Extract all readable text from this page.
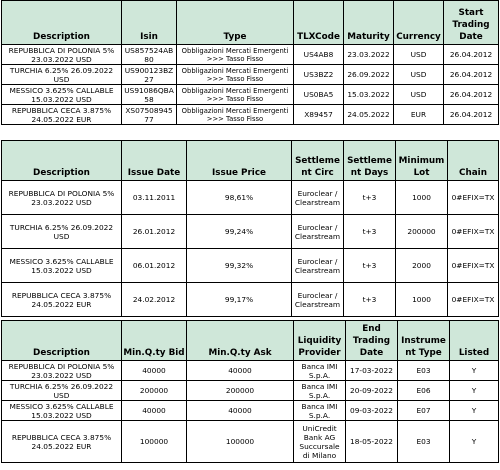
Description	Isin	Type	TLXCode	Maturity	Currency	Start Trading Date
REPUBBLICA DI POLONIA 5% 23.03.2022 USD	US857524AB80	Obbligazioni Mercati Emergenti >>> Tasso Fisso	US4AB8	23.03.2022	USD	26.04.2012
TURCHIA 6.25% 26.09.2022 USD	US900123BZ27	Obbligazioni Mercati Emergenti >>> Tasso Fisso	US3BZ2	26.09.2022	USD	26.04.2012
MESSICO 3.625% CALLABLE 15.03.2022 USD	US91086QBA58	Obbligazioni Mercati Emergenti >>> Tasso Fisso	US0BA5	15.03.2022	USD	26.04.2012
REPUBBLICA CECA 3.875% 24.05.2022 EUR	XS0750894577	Obbligazioni Mercati Emergenti >>> Tasso Fisso	X89457	24.05.2022	EUR	26.04.2012
Description	Issue Date	Issue Price	Settlement Circ	Settlement Days	Minimum Lot	Chain
REPUBBLICA DI POLONIA 5% 23.03.2022 USD	03.11.2011	98,61%	Euroclear / Clearstream	t+3	1000	0#EFIX=TX
TURCHIA 6.25% 26.09.2022 USD	26.01.2012	99,24%	Euroclear / Clearstream	t+3	200000	0#EFIX=TX
MESSICO 3.625% CALLABLE 15.03.2022 USD	06.01.2012	99,32%	Euroclear / Clearstream	t+3	2000	0#EFIX=TX
REPUBBLICA CECA 3.875% 24.05.2022 EUR	24.02.2012	99,17%	Euroclear / Clearstream	t+3	1000	0#EFIX=TX
Description	Min.Q.ty Bid	Min.Q.ty Ask	Liquidity Provider	End Trading Date	Instrument Type	Listed
REPUBBLICA DI POLONIA 5% 23.03.2022 USD	40000	40000	Banca IMI S.p.A.	17-03-2022	E03	Y
TURCHIA 6.25% 26.09.2022 USD	200000	200000	Banca IMI S.p.A.	20-09-2022	E06	Y
MESSICO 3.625% CALLABLE 15.03.2022 USD	40000	40000	Banca IMI S.p.A.	09-03-2022	E07	Y
REPUBBLICA CECA 3.875% 24.05.2022 EUR	100000	100000	UniCredit Bank AG Succursale di Milano	18-05-2022	E03	Y
